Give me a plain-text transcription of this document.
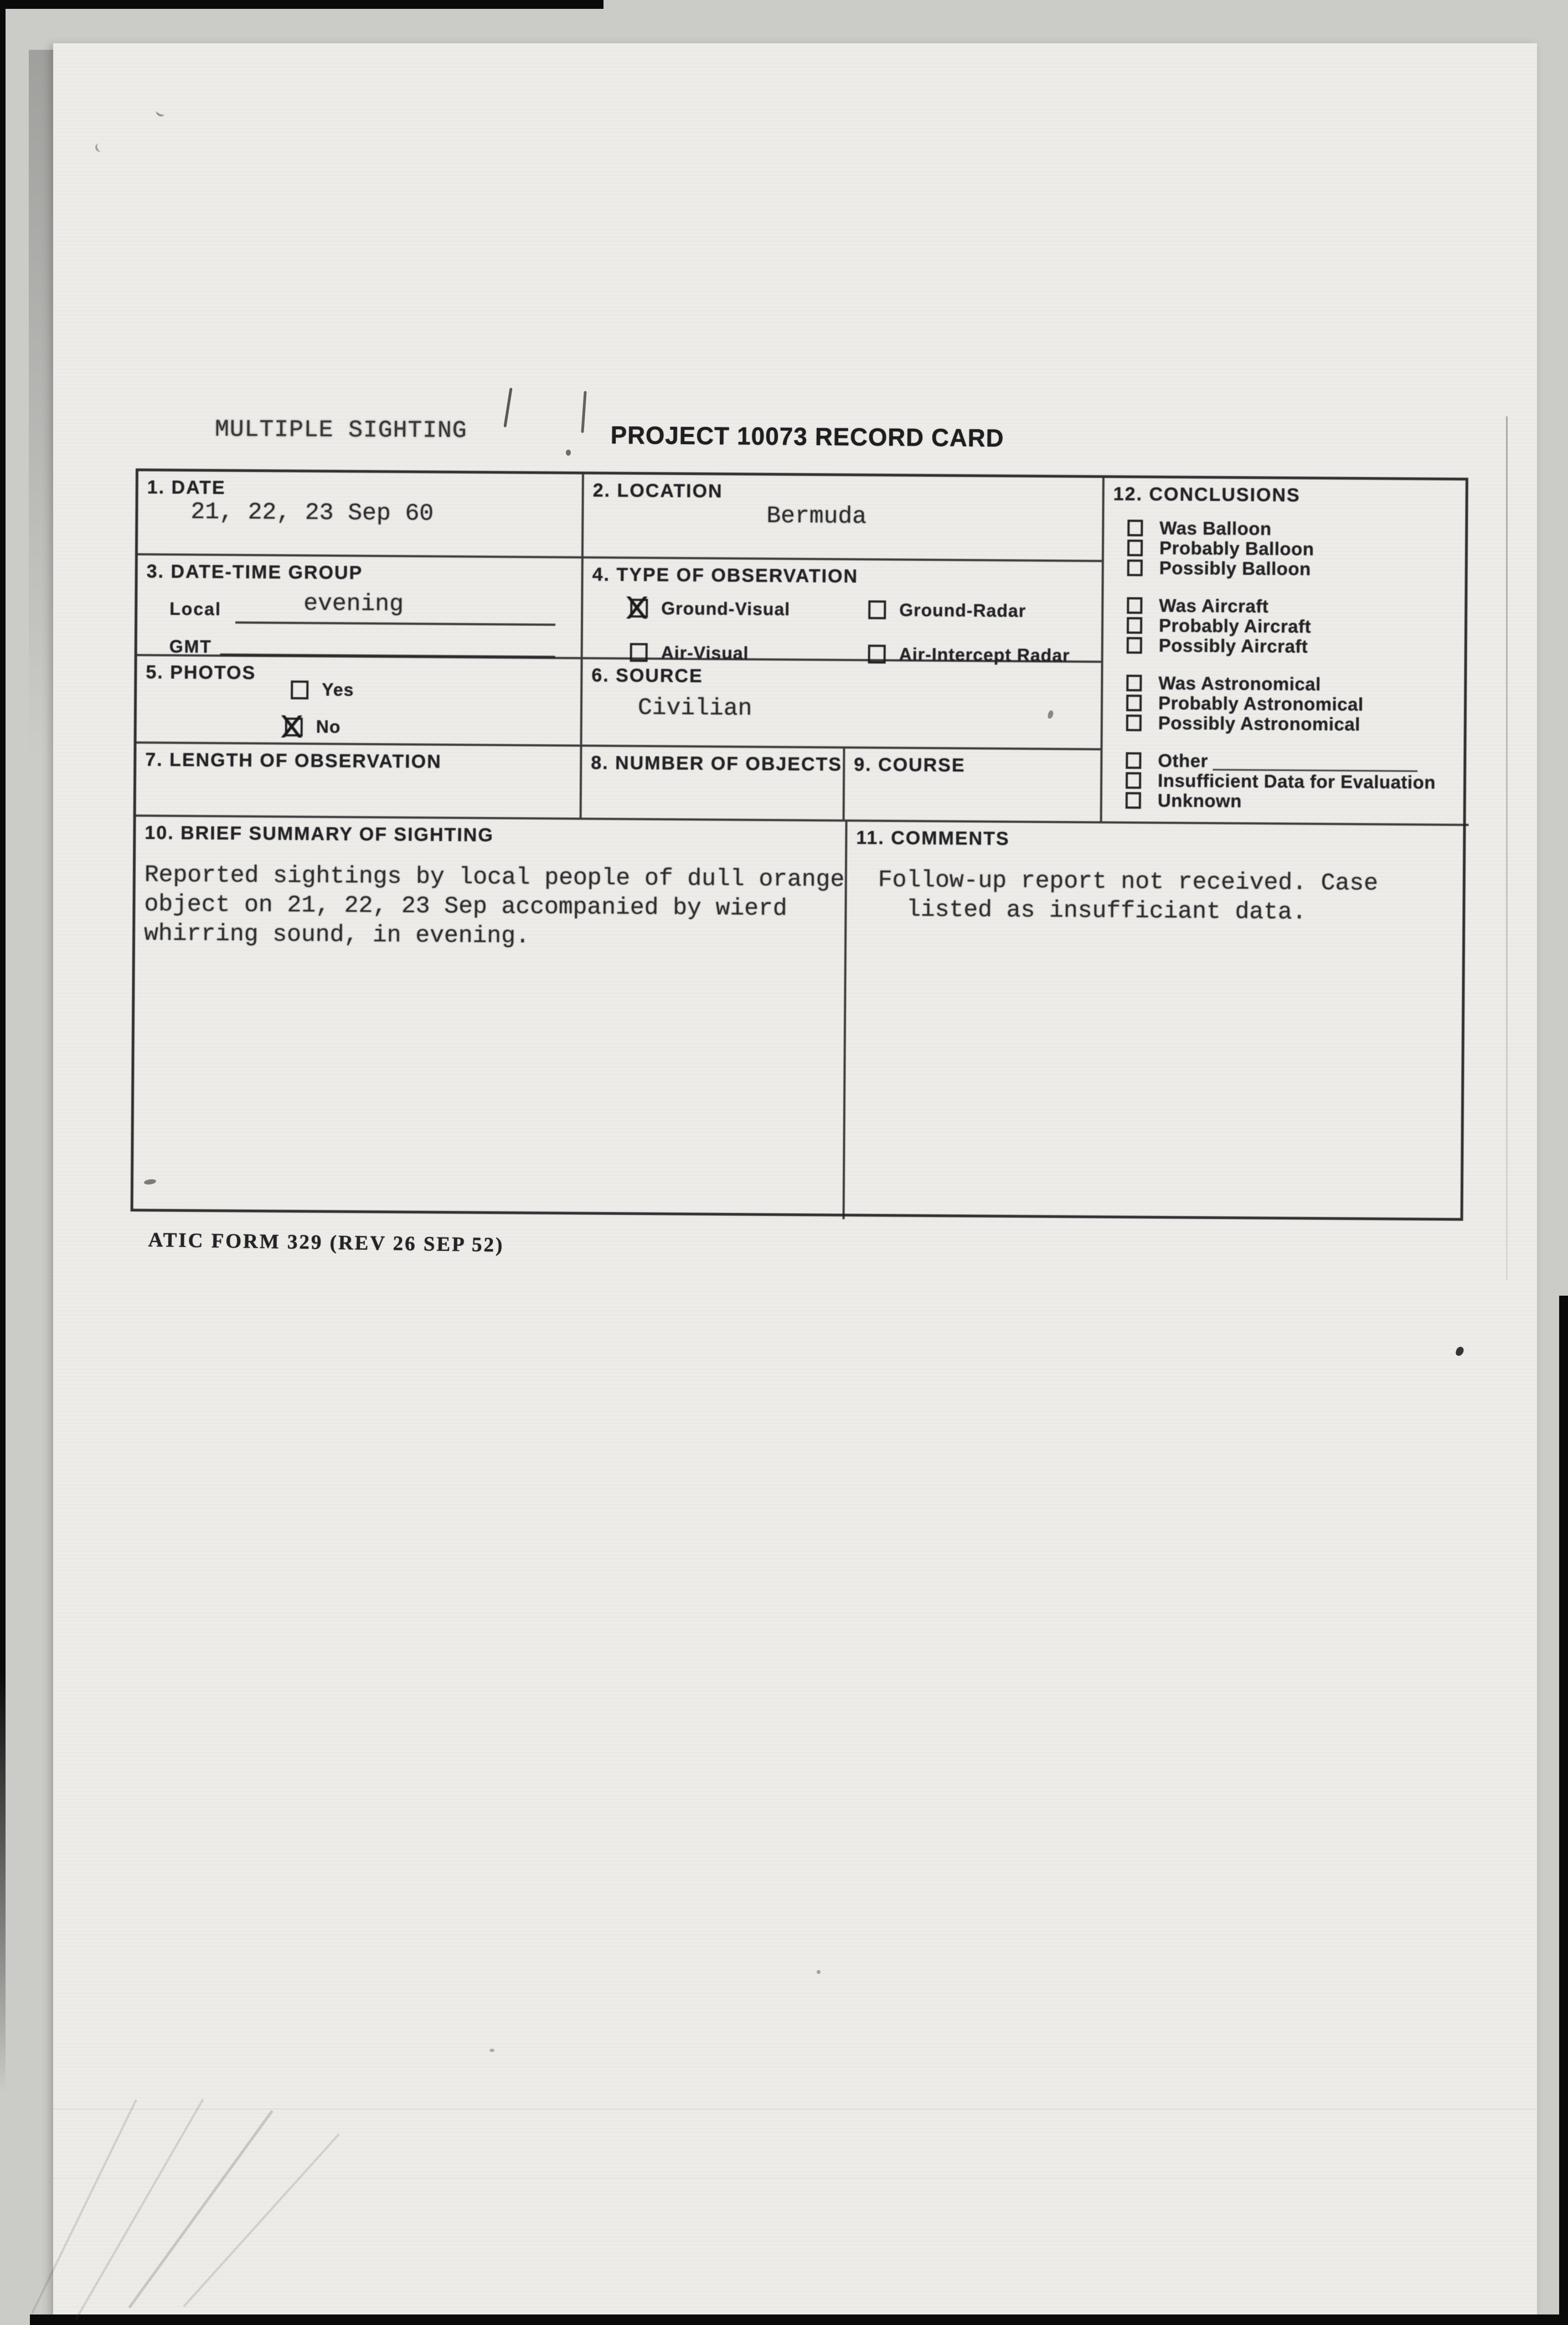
MULTIPLE SIGHTING	PROJECT 10073 RECORD CARD
1. DATE
21, 22, 23 Sep 60
2. LOCATION
Bermuda
3. DATE-TIME GROUP
Local	evening
GMT
4. TYPE OF OBSERVATION
Ground-Visual	Ground-Radar
Air-Visual	Air-Intercept Radar
5. PHOTOS
Yes
No
6. SOURCE
Civilian
7. LENGTH OF OBSERVATION	8. NUMBER OF OBJECTS 9. COURSE
12. CONCLUSIONS
Was Balloon
Probably Balloon
Possibly Balloon
Was Aircraft
Probably Aircraft
Possibly Aircraft
Was Astronomical
Probably Astronomical
Possibly Astronomical
Other
Insufficient Data for Evaluation
Unknown
10. BRIEF SUMMARY OF SIGHTING
Reported sightings by local people of dull orange
object on 21, 22, 23 Sep accompanied by wierd
whirring sound, in evening.
11. COMMENTS
Follow-up report not received. Case
listed as insufficiant data.
ATIC FORM 329 (REV 26 SEP 52)
